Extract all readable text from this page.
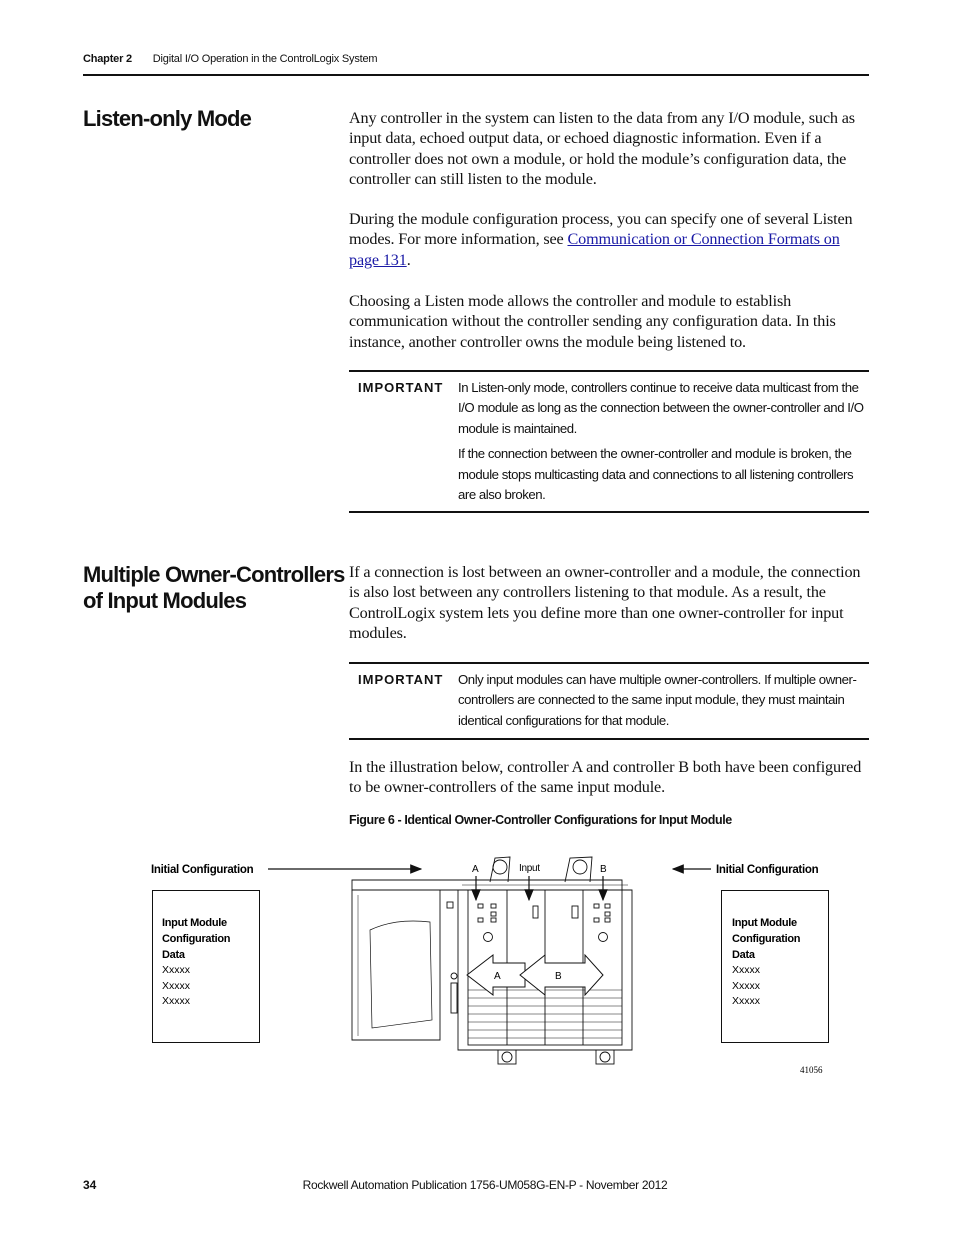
Chapter 2 Digital I/O Operation in the ControlLogix System
Listen-only Mode	Any controller in the system can listen to the data from any I/O module, such as input data, echoed output data, or echoed diagnostic information. Even if a controller does not own a module, or hold the module’s configuration data, the controller can still listen to the module.

During the module configuration process, you can specify one of several Listen modes. For more information, see Communication or Connection Formats on page 131.

Choosing a Listen mode allows the controller and module to establish communication without the controller sending any configuration data. In this instance, another controller owns the module being listened to.

IMPORTANT In Listen-only mode, controllers continue to receive data multicast from the I/O module as long as the connection between the owner-controller and I/O module is maintained.

If the connection between the owner-controller and module is broken, the module stops multicasting data and connections to all listening controllers are also broken.

Multiple Owner-Controllers
of Input Modules

If a connection is lost between an owner-controller and a module, the connection is also lost between any controllers listening to that module. As a result, the ControlLogix system lets you define more than one owner-controller for input modules.

IMPORTANT Only input modules can have multiple owner-controllers. If multiple owner-controllers are connected to the same input module, they must maintain identical configurations for that module.

In the illustration below, controller A and controller B both have been configured to be owner-controllers of the same input module.

Figure 6 - Identical Owner-Controller Configurations for Input Module
Initial Configuration	Initial Configuration
Input Module
Configuration
Data
Xxxxx
Xxxxx
Xxxxx
Input Module
Configuration
Data
Xxxxx
Xxxxx
Xxxxx
A	B
A	Input	B
41056
34	Rockwell Automation Publication 1756-UM058G-EN-P - November 2012
